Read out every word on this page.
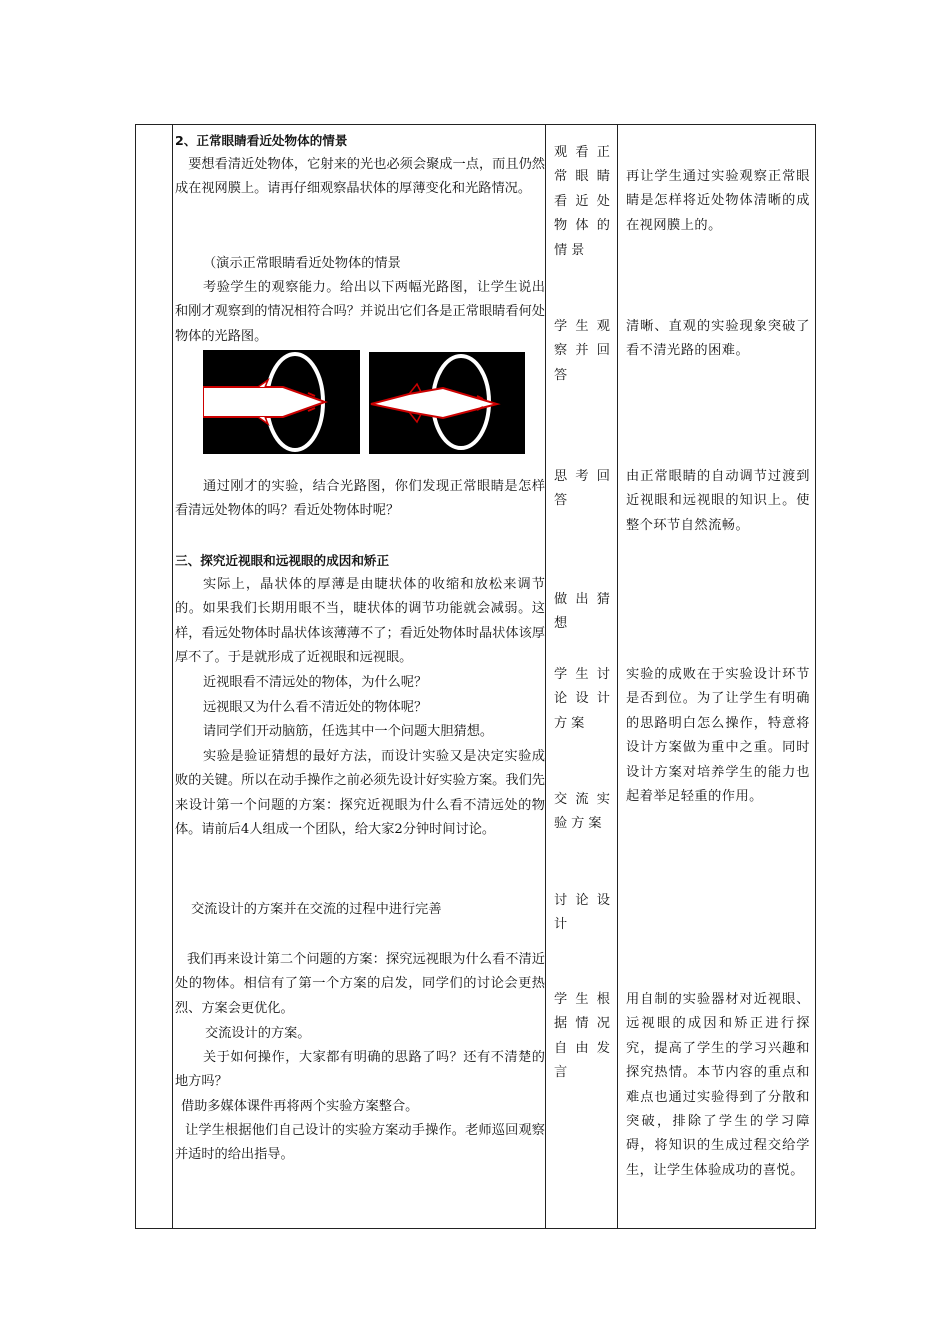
2、正常眼睛看近处物体的情景

　要想看清近处物体，它射来的光也必须会聚成一点，而且仍然成在视网膜上。请再仔细观察晶状体的厚薄变化和光路情况。

（演示正常眼睛看近处物体的情景

考验学生的观察能力。给出以下两幅光路图，让学生说出和刚才观察到的情况相符合吗？并说出它们各是正常眼睛看何处物体的光路图。

通过刚才的实验，结合光路图，你们发现正常眼睛是怎样看清远处物体的吗？看近处物体时呢？

三、探究近视眼和远视眼的成因和矫正

实际上，晶状体的厚薄是由睫状体的收缩和放松来调节的。如果我们长期用眼不当，睫状体的调节功能就会减弱。这样，看远处物体时晶状体该薄薄不了；看近处物体时晶状体该厚厚不了。于是就形成了近视眼和远视眼。

近视眼看不清远处的物体，为什么呢？

远视眼又为什么看不清近处的物体呢？

请同学们开动脑筋，任选其中一个问题大胆猜想。

实验是验证猜想的最好方法，而设计实验又是决定实验成败的关键。所以在动手操作之前必须先设计好实验方案。我们先来设计第一个问题的方案：探究近视眼为什么看不清远处的物体。请前后4人组成一个团队，给大家2分钟时间讨论。

交流设计的方案并在交流的过程中进行完善

我们再来设计第二个问题的方案：探究远视眼为什么看不清近处的物体。相信有了第一个方案的启发，同学们的讨论会更热烈、方案会更优化。

交流设计的方案。

关于如何操作，大家都有明确的思路了吗？还有不清楚的地方吗？

借助多媒体课件再将两个实验方案整合。

让学生根据他们自己设计的实验方案动手操作。老师巡回观察并适时的给出指导。

观看正常眼睛看近处物体的情景

学生观察并回答

思考回答

做出猜想

学生讨论设计方案

交流实验方案

讨论设计

学生根据情况自由发言

再让学生通过实验观察正常眼睛是怎样将近处物体清晰的成在视网膜上的。

清晰、直观的实验现象突破了看不清光路的困难。

由正常眼睛的自动调节过渡到近视眼和远视眼的知识上。使整个环节自然流畅。

实验的成败在于实验设计环节是否到位。为了让学生有明确的思路明白怎么操作，特意将设计方案做为重中之重。同时设计方案对培养学生的能力也起着举足轻重的作用。

用自制的实验器材对近视眼、远视眼的成因和矫正进行探究，提高了学生的学习兴趣和探究热情。本节内容的重点和难点也通过实验得到了分散和突破，排除了学生的学习障碍，将知识的生成过程交给学生，让学生体验成功的喜悦。
